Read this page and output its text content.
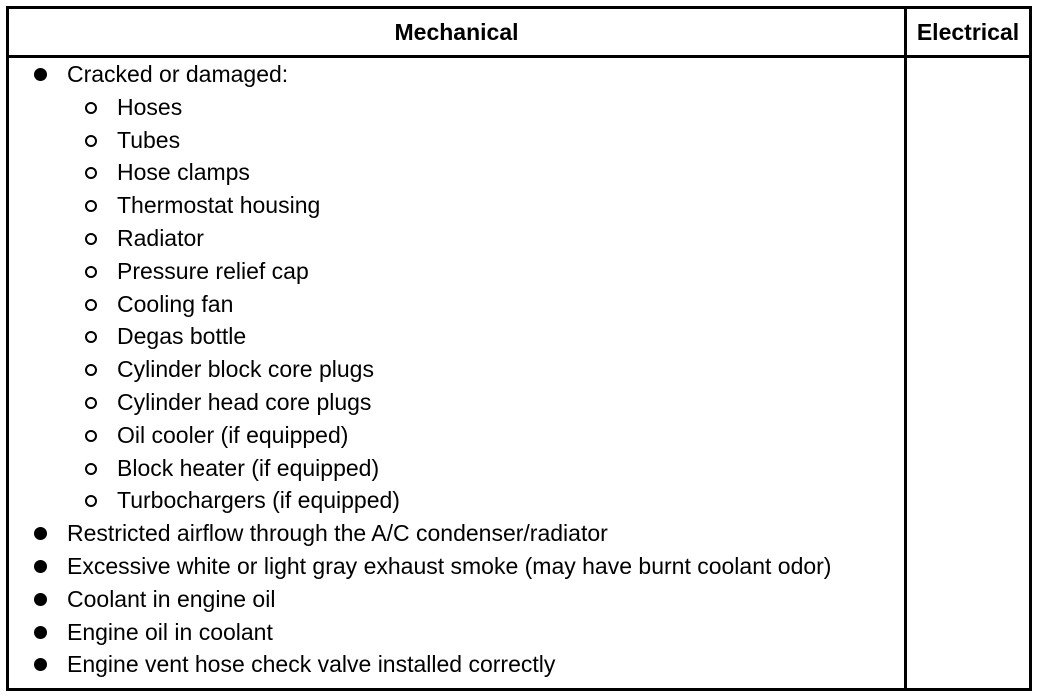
Mechanical	Electrical
Cracked or damaged:
Hoses
Tubes
Hose clamps
Thermostat housing
Radiator
Pressure relief cap
Cooling fan
Degas bottle
Cylinder block core plugs
Cylinder head core plugs
Oil cooler (if equipped)
Block heater (if equipped)
Turbochargers (if equipped)
Restricted airflow through the A/C condenser/radiator
Excessive white or light gray exhaust smoke (may have burnt coolant odor)
Coolant in engine oil
Engine oil in coolant
Engine vent hose check valve installed correctly
